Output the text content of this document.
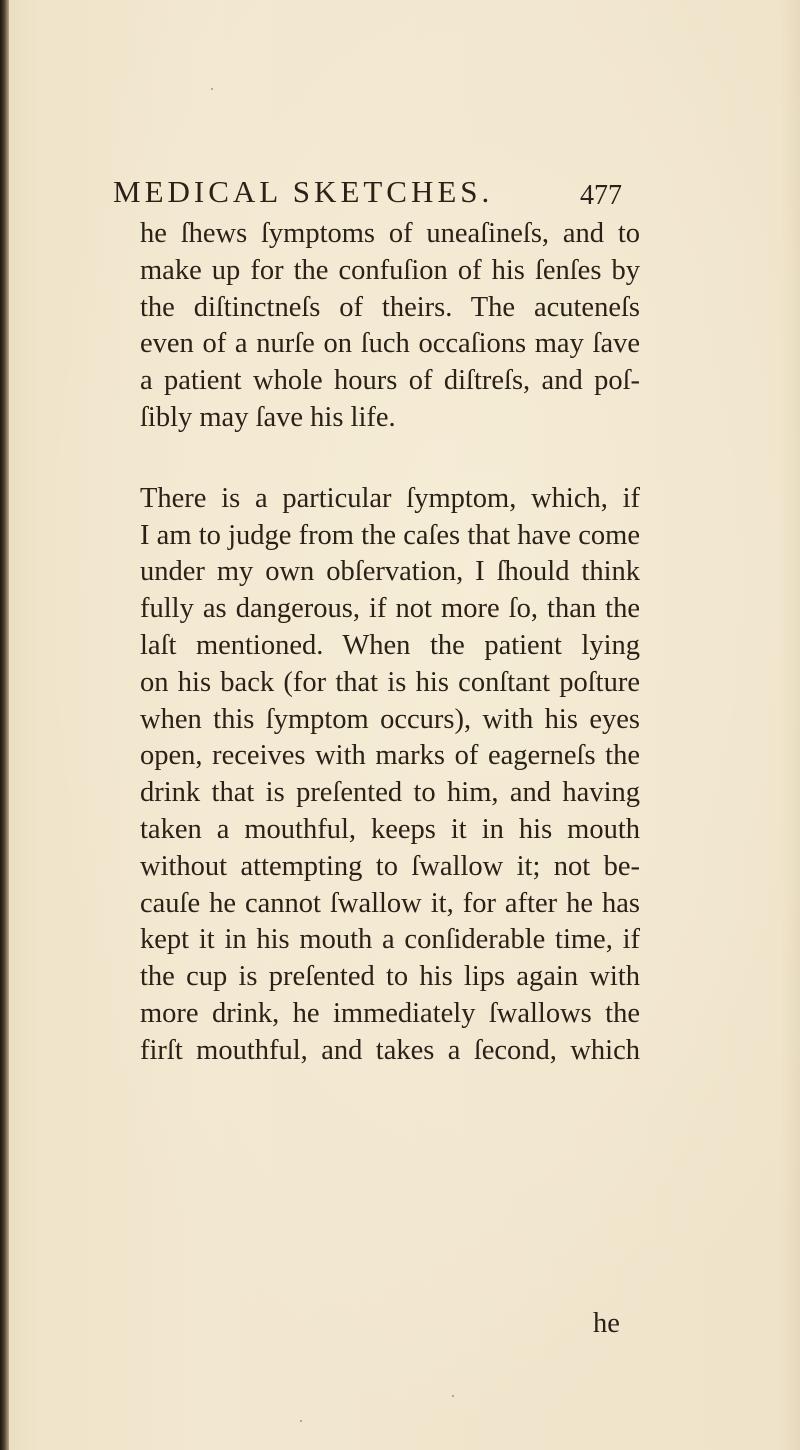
MEDICAL SKETCHES.	477
he ſhews ſymptoms of uneaſineſs, and to
make up for the confuſion of his ſenſes by
the diſtinctneſs of theirs. The acuteneſs
even of a nurſe on ſuch occaſions may ſave
a patient whole hours of diſtreſs, and poſ-
ſibly may ſave his life.
There is a particular ſymptom, which, if
I am to judge from the caſes that have come
under my own obſervation, I ſhould think
fully as dangerous, if not more ſo, than the
laſt mentioned. When the patient lying
on his back (for that is his conſtant poſture
when this ſymptom occurs), with his eyes
open, receives with marks of eagerneſs the
drink that is preſented to him, and having
taken a mouthful, keeps it in his mouth
without attempting to ſwallow it; not be-
cauſe he cannot ſwallow it, for after he has
kept it in his mouth a conſiderable time, if
the cup is preſented to his lips again with
more drink, he immediately ſwallows the
firſt mouthful, and takes a ſecond, which
he
